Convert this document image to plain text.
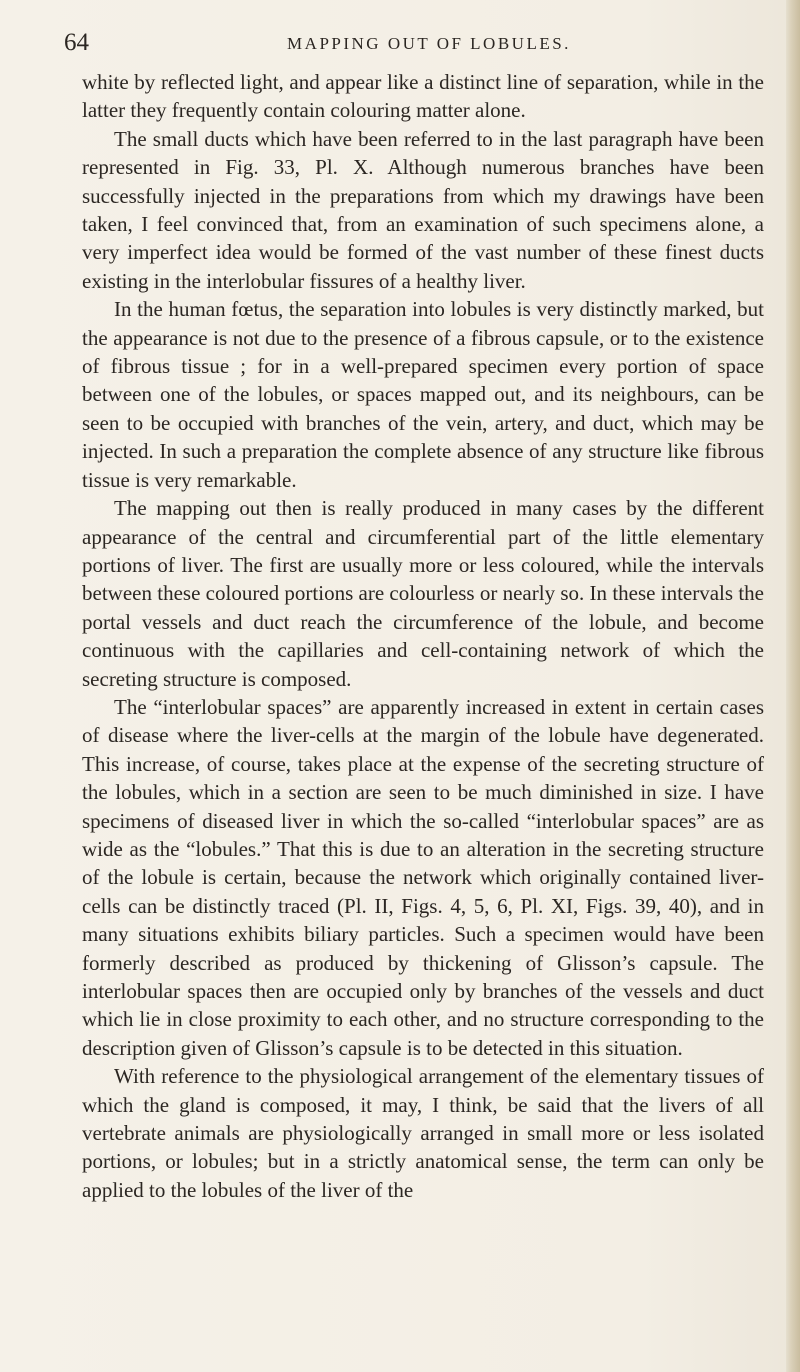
64	MAPPING OUT OF LOBULES.

white by reflected light, and appear like a distinct line of separation, while in the latter they frequently contain colouring matter alone.

The small ducts which have been referred to in the last paragraph have been represented in Fig. 33, Pl. X. Although numerous branches have been successfully injected in the preparations from which my drawings have been taken, I feel convinced that, from an examination of such specimens alone, a very imperfect idea would be formed of the vast number of these finest ducts existing in the interlobular fissures of a healthy liver.

In the human fœtus, the separation into lobules is very distinctly marked, but the appearance is not due to the presence of a fibrous capsule, or to the existence of fibrous tissue ; for in a well-prepared specimen every portion of space between one of the lobules, or spaces mapped out, and its neighbours, can be seen to be occupied with branches of the vein, artery, and duct, which may be injected. In such a preparation the complete absence of any structure like fibrous tissue is very remarkable.

The mapping out then is really produced in many cases by the different appearance of the central and circumferential part of the little elementary portions of liver. The first are usually more or less coloured, while the intervals between these coloured portions are colourless or nearly so. In these intervals the portal vessels and duct reach the circumference of the lobule, and become continuous with the capillaries and cell-containing network of which the secreting structure is composed.

The “interlobular spaces” are apparently increased in extent in certain cases of disease where the liver-cells at the margin of the lobule have degenerated. This increase, of course, takes place at the expense of the secreting structure of the lobules, which in a section are seen to be much diminished in size. I have specimens of diseased liver in which the so-called “interlobular spaces” are as wide as the “lobules.” That this is due to an alteration in the secreting structure of the lobule is certain, because the network which originally contained liver-cells can be distinctly traced (Pl. II, Figs. 4, 5, 6, Pl. XI, Figs. 39, 40), and in many situations exhibits biliary particles. Such a specimen would have been formerly described as produced by thickening of Glisson’s capsule. The interlobular spaces then are occupied only by branches of the vessels and duct which lie in close proximity to each other, and no structure corresponding to the description given of Glisson’s capsule is to be detected in this situation.

With reference to the physiological arrangement of the elementary tissues of which the gland is composed, it may, I think, be said that the livers of all vertebrate animals are physiologically arranged in small more or less isolated portions, or lobules; but in a strictly anatomical sense, the term can only be applied to the lobules of the liver of the
